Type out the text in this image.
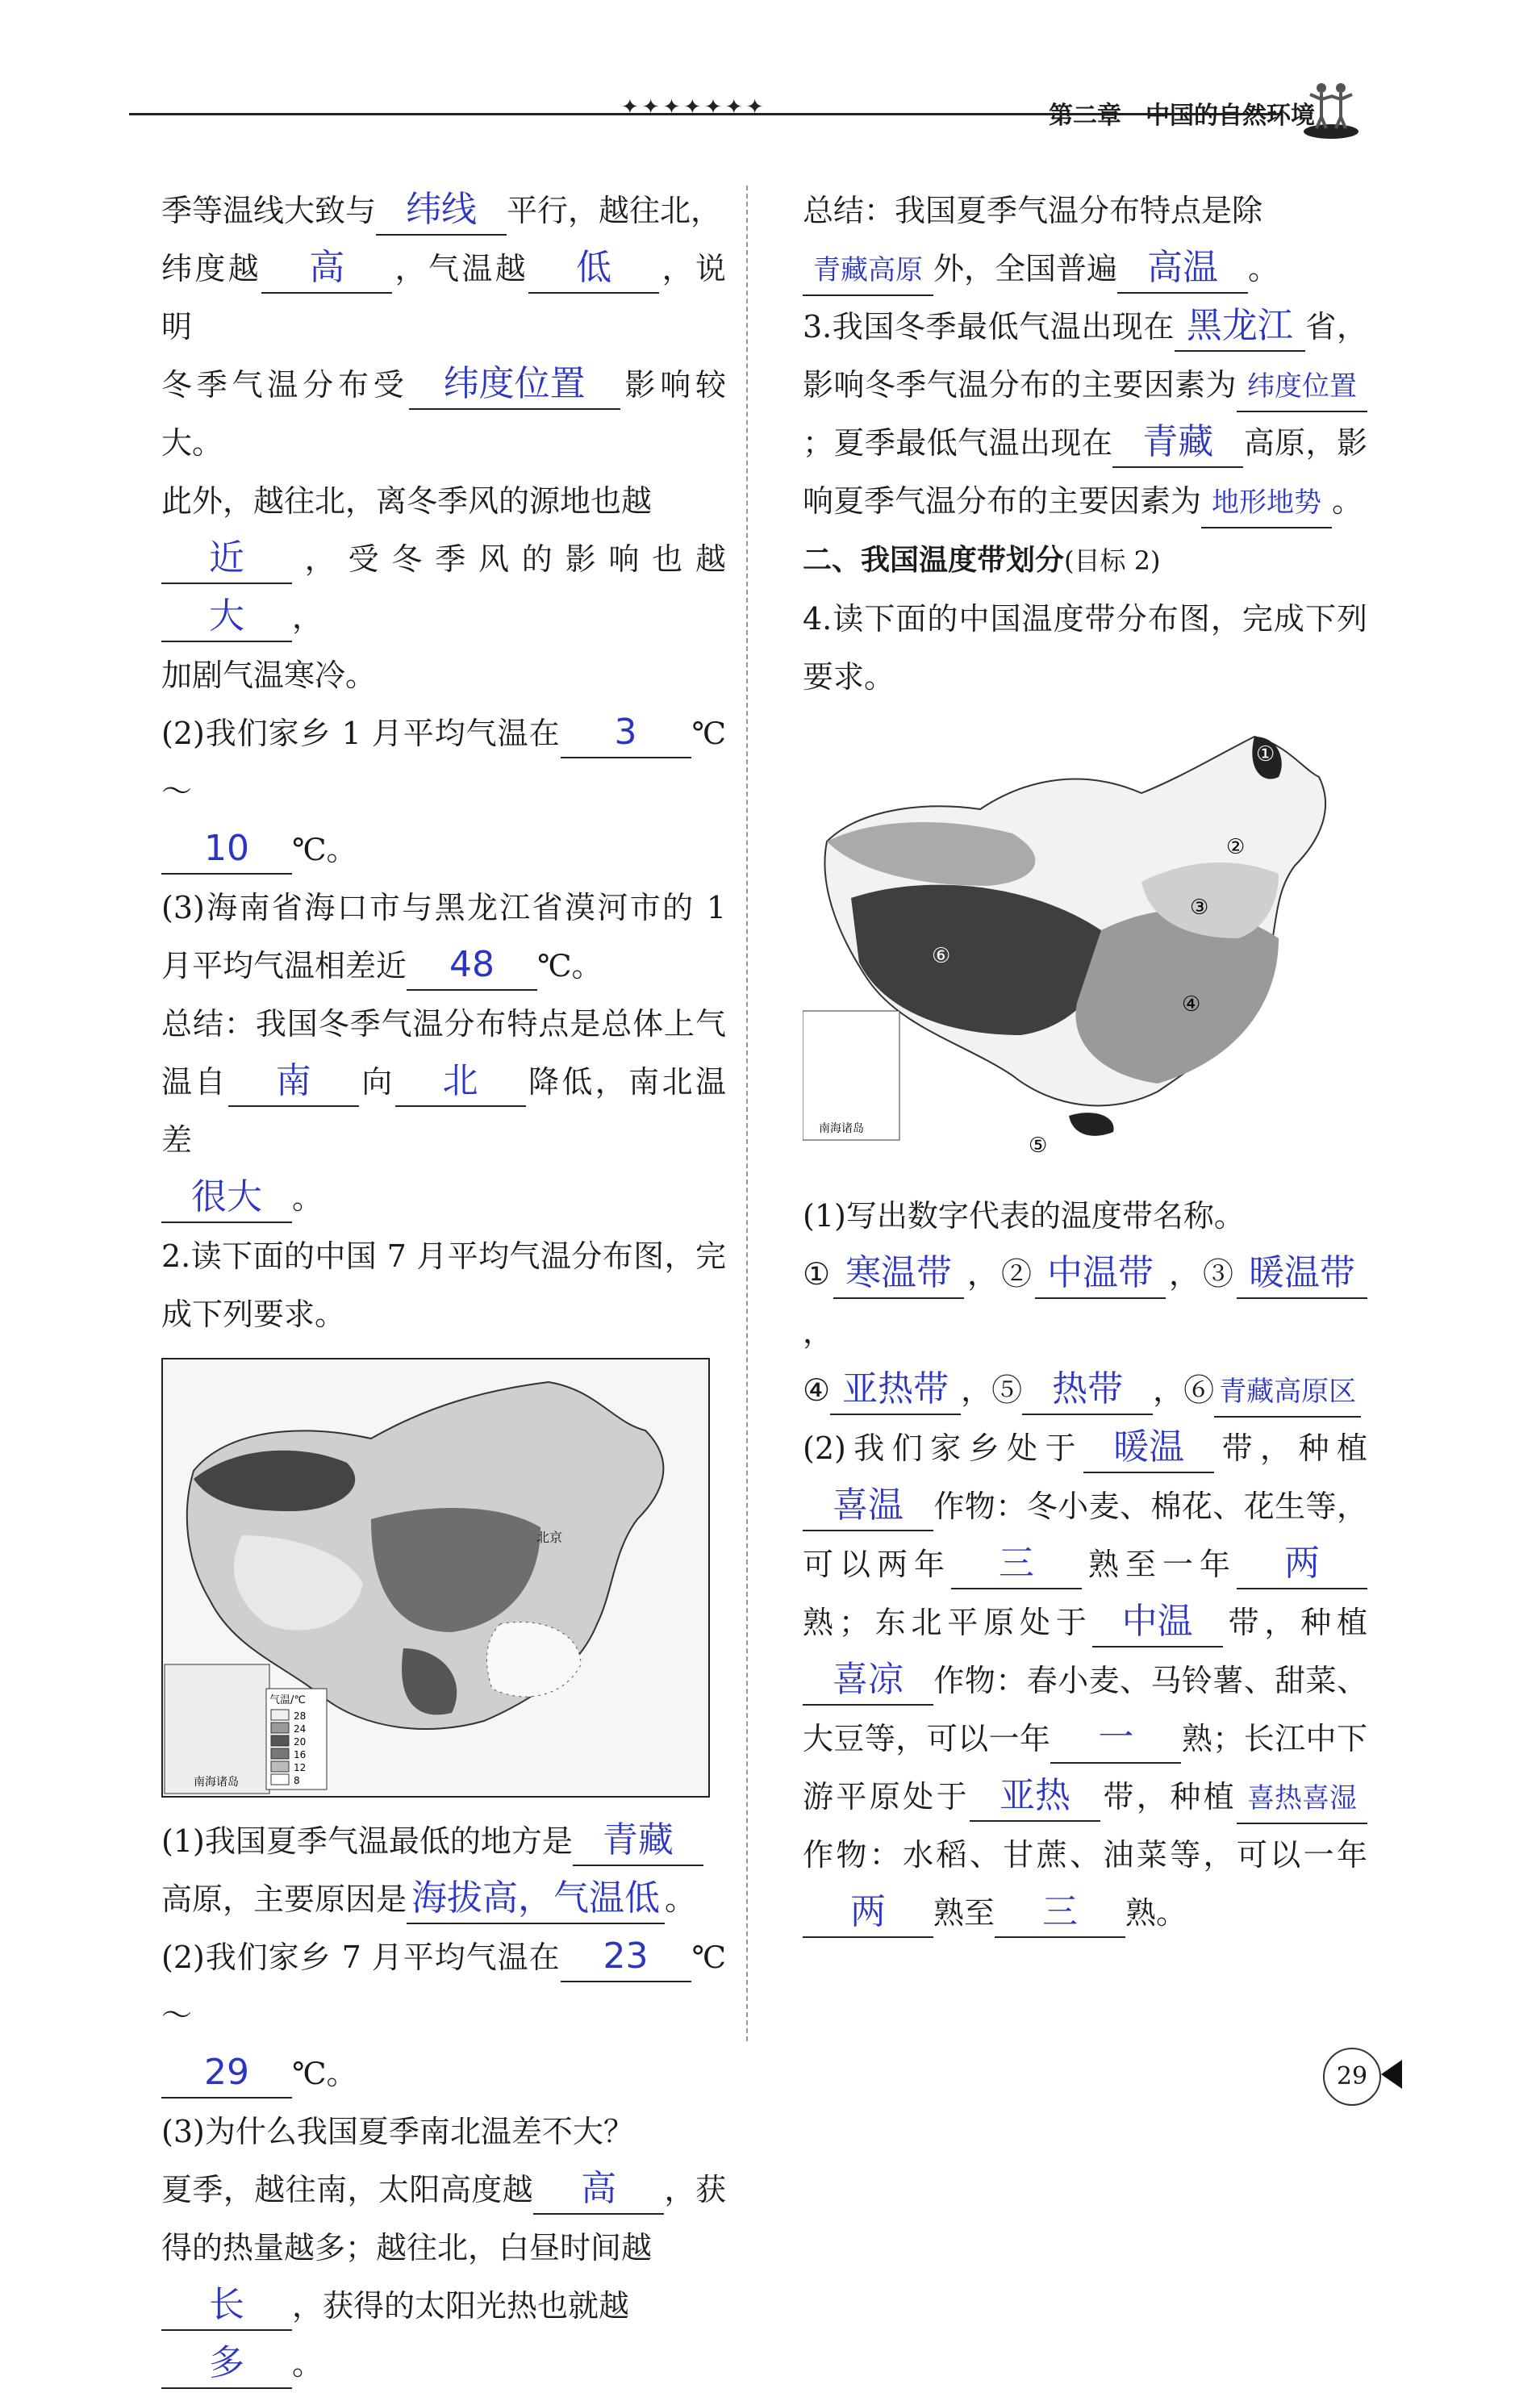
✦✦✦✦✦✦✦	第二章　中国的自然环境

季等温线大致与 纬线 平行，越往北，
纬度越 高 ，气温越 低 ，说明
冬季气温分布受 纬度位置 影响较大。
此外，越往北，离冬季风的源地也越
近 ，受冬季风的影响也越大 ，
加剧气温寒冷。

(2)我们家乡 1 月平均气温在 3 ℃～
10 ℃。

(3)海南省海口市与黑龙江省漠河市的 1 月平均气温相差近 48 ℃。

总结：我国冬季气温分布特点是总体上气温自 南 向 北 降低，南北温差
很大 。

2.读下面的中国 7 月平均气温分布图，完成下列要求。

南海诸岛
北京
气温/℃
28
24
20
16
12
8

(1)我国夏季气温最低的地方是 青藏
高原，主要原因是 海拔高，气温低 。

(2)我们家乡 7 月平均气温在 23 ℃～
29 ℃。

(3)为什么我国夏季南北温差不大？

夏季，越往南，太阳高度越 高 ，获得的热量越多；越往北，白昼时间越
长 ，获得的太阳光热也就越
多 。

总结：我国夏季气温分布特点是除
青藏高原 外，全国普遍 高温 。

3.我国冬季最低气温出现在 黑龙江 省，影响冬季气温分布的主要因素为 纬度位置；夏季最低气温出现在 青藏 高原，影响夏季气温分布的主要因素为 地形地势 。

二、我国温度带划分(目标 2)

4.读下面的中国温度带分布图，完成下列要求。

南海诸岛
①
②
③
④
⑤
⑥

(1)写出数字代表的温度带名称。

① 寒温带 ，② 中温带 ，③ 暖温带，
④ 亚热带 ，⑤ 热带 ，⑥ 青藏高原区

(2)我们家乡处于 暖温 带，种植喜温 作物：冬小麦、棉花、花生等，可以两年 三 熟至一年 两熟；东北平原处于 中温 带，种植喜凉 作物：春小麦、马铃薯、甜菜、大豆等，可以一年 一 熟；长江中下游平原处于 亚热 带，种植 喜热喜湿作物：水稻、甘蔗、油菜等，可以一年两 熟至 三 熟。

29
